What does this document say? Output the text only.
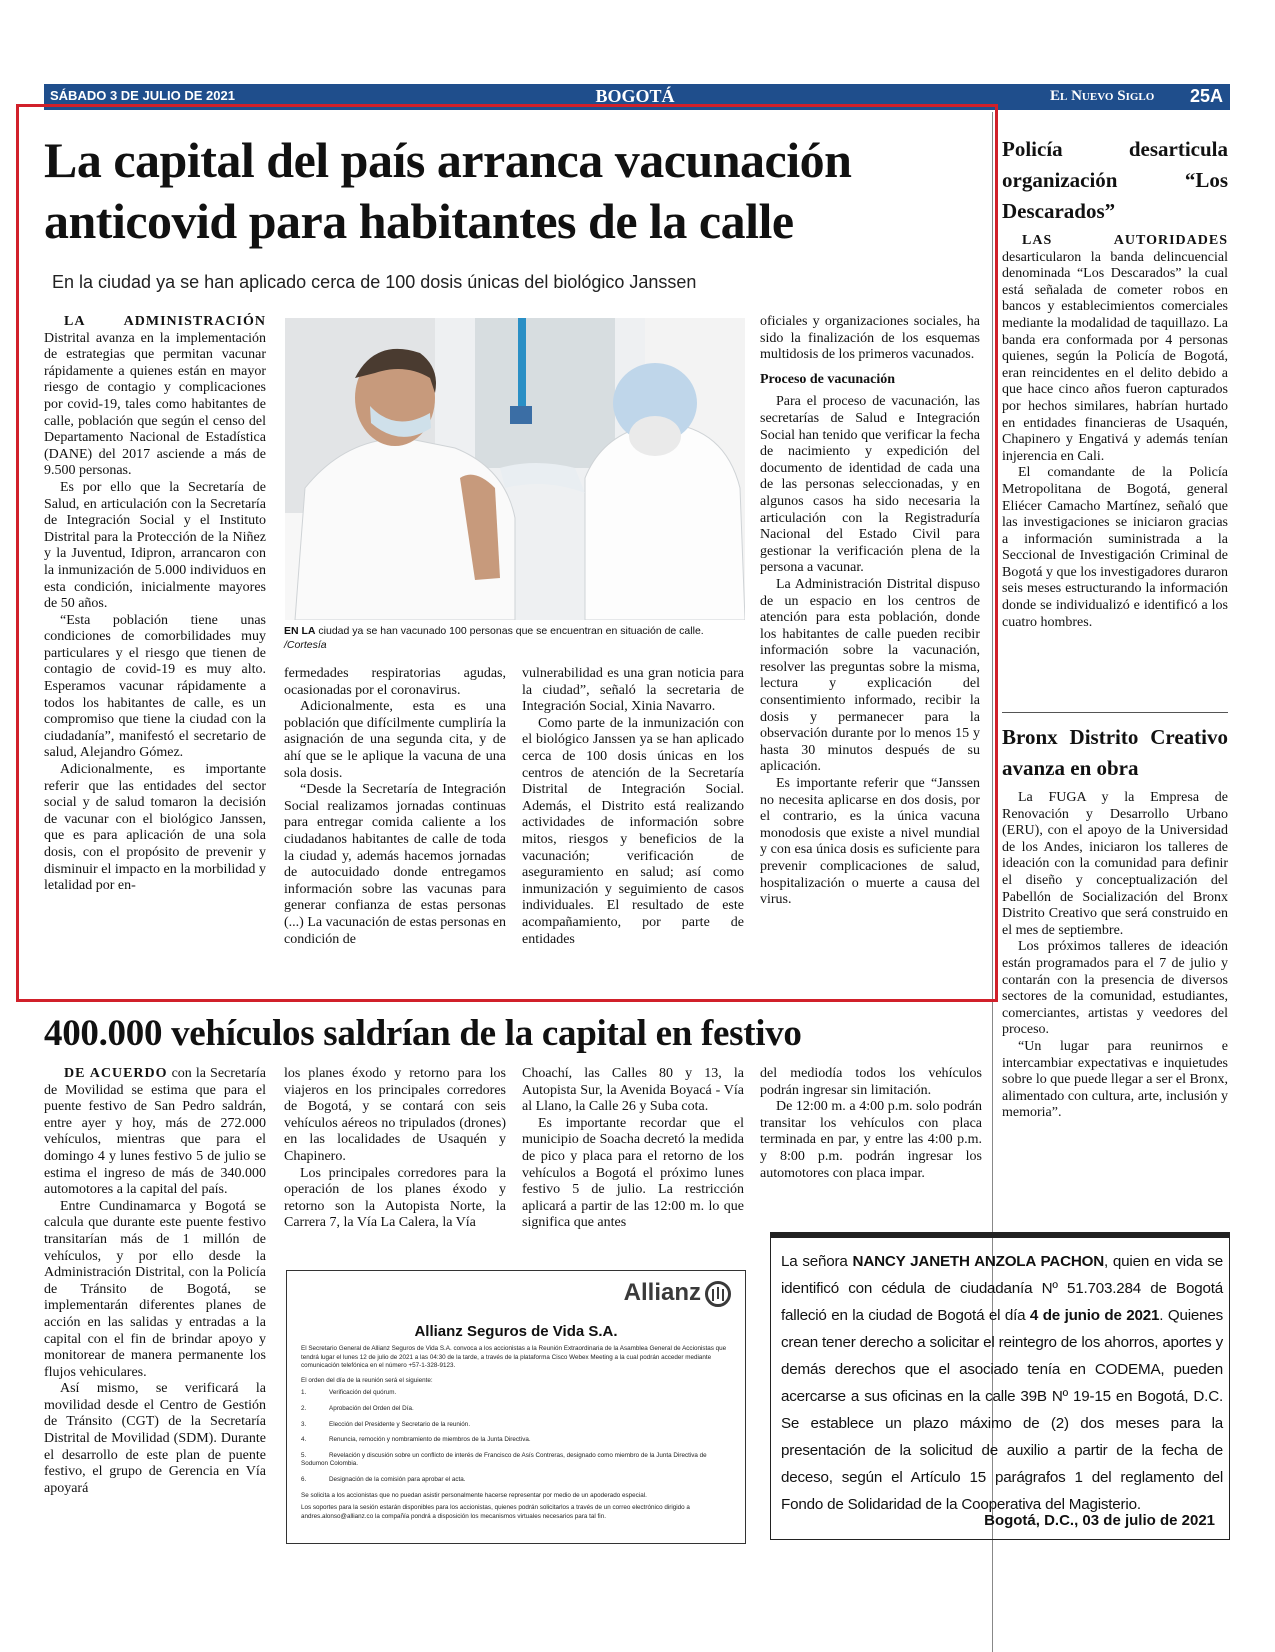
SÁBADO 3 DE JULIO DE 2021	BOGOTÁ	El Nuevo Siglo 25A
La capital del país arranca vacunación
anticovid para habitantes de la calle
En la ciudad ya se han aplicado cerca de 100 dosis únicas del biológico Janssen

LA ADMINISTRACIÓN Distrital avanza en la implementación de estrategias que permitan vacunar rápidamente a quienes están en mayor riesgo de contagio y complicaciones por covid-19, tales como habitantes de calle, población que según el censo del Departamento Nacional de Estadística (DANE) del 2017 asciende a más de 9.500 personas.

Es por ello que la Secretaría de Salud, en articulación con la Secretaría de Integración Social y el Instituto Distrital para la Protección de la Niñez y la Juventud, Idipron, arrancaron con la inmunización de 5.000 individuos en esta condición, inicialmente mayores de 50 años.

“Esta población tiene unas condiciones de comorbilidades muy particulares y el riesgo que tienen de contagio de covid-19 es muy alto. Esperamos vacunar rápidamente a todos los habitantes de calle, es un compromiso que tiene la ciudad con la ciudadanía”, manifestó el secretario de salud, Alejandro Gómez.

Adicionalmente, es importante referir que las entidades del sector social y de salud tomaron la decisión de vacunar con el biológico Janssen, que es para aplicación de una sola dosis, con el propósito de prevenir y disminuir el impacto en la morbilidad y letalidad por en-

EN LA ciudad ya se han vacunado 100 personas que se encuentran en situación de calle. /Cortesía

fermedades respiratorias agudas, ocasionadas por el coronavirus.

Adicionalmente, esta es una población que difícilmente cumpliría la asignación de una segunda cita, y de ahí que se le aplique la vacuna de una sola dosis.

“Desde la Secretaría de Integración Social realizamos jornadas continuas para entregar comida caliente a los ciudadanos habitantes de calle de toda la ciudad y, además hacemos jornadas de autocuidado donde entregamos información sobre las vacunas para generar confianza de estas personas (...) La vacunación de estas personas en condición de

vulnerabilidad es una gran noticia para la ciudad”, señaló la secretaria de Integración Social, Xinia Navarro.

Como parte de la inmunización con el biológico Janssen ya se han aplicado cerca de 100 dosis únicas en los centros de atención de la Secretaría Distrital de Integración Social. Además, el Distrito está realizando actividades de información sobre mitos, riesgos y beneficios de la vacunación; verificación de aseguramiento en salud; así como inmunización y seguimiento de casos individuales. El resultado de este acompañamiento, por parte de entidades

oficiales y organizaciones sociales, ha sido la finalización de los esquemas multidosis de los primeros vacunados.

Proceso de vacunación

Para el proceso de vacunación, las secretarías de Salud e Integración Social han tenido que verificar la fecha de nacimiento y expedición del documento de identidad de cada una de las personas seleccionadas, y en algunos casos ha sido necesaria la articulación con la Registraduría Nacional del Estado Civil para gestionar la verificación plena de la persona a vacunar.

La Administración Distrital dispuso de un espacio en los centros de atención para esta población, donde los habitantes de calle pueden recibir información sobre la vacunación, resolver las preguntas sobre la misma, lectura y explicación del consentimiento informado, recibir la dosis y permanecer para la observación durante por lo menos 15 y hasta 30 minutos después de su aplicación.

Es importante referir que “Janssen no necesita aplicarse en dos dosis, por el contrario, es la única vacuna monodosis que existe a nivel mundial y con esa única dosis es suficiente para prevenir complicaciones de salud, hospitalización o muerte a causa del virus.

Policía desarticula organización “Los Descarados”

LAS AUTORIDADES desarticularon la banda delincuencial denominada “Los Descarados” la cual está señalada de cometer robos en bancos y establecimientos comerciales mediante la modalidad de taquillazo. La banda era conformada por 4 personas quienes, según la Policía de Bogotá, eran reincidentes en el delito debido a que hace cinco años fueron capturados por hechos similares, habrían hurtado en entidades financieras de Usaquén, Chapinero y Engativá y además tenían injerencia en Cali.

El comandante de la Policía Metropolitana de Bogotá, general Eliécer Camacho Martínez, señaló que las investigaciones se iniciaron gracias a información suministrada a la Seccional de Investigación Criminal de Bogotá y que los investigadores duraron seis meses estructurando la información donde se individualizó e identificó a los cuatro hombres.

Bronx Distrito Creativo avanza en obra

La FUGA y la Empresa de Renovación y Desarrollo Urbano (ERU), con el apoyo de la Universidad de los Andes, iniciaron los talleres de ideación con la comunidad para definir el diseño y conceptualización del Pabellón de Socialización del Bronx Distrito Creativo que será construido en el mes de septiembre.

Los próximos talleres de ideación están programados para el 7 de julio y contarán con la presencia de diversos sectores de la comunidad, estudiantes, comerciantes, artistas y veedores del proceso.

“Un lugar para reunirnos e intercambiar expectativas e inquietudes sobre lo que puede llegar a ser el Bronx, alimentado con cultura, arte, inclusión y memoria”.

400.000 vehículos saldrían de la capital en festivo

DE ACUERDO con la Secretaría de Movilidad se estima que para el puente festivo de San Pedro saldrán, entre ayer y hoy, más de 272.000 vehículos, mientras que para el domingo 4 y lunes festivo 5 de julio se estima el ingreso de más de 340.000 automotores a la capital del país.

Entre Cundinamarca y Bogotá se calcula que durante este puente festivo transitarían más de 1 millón de vehículos, y por ello desde la Administración Distrital, con la Policía de Tránsito de Bogotá, se implementarán diferentes planes de acción en las salidas y entradas a la capital con el fin de brindar apoyo y monitorear de manera permanente los flujos vehiculares.

Así mismo, se verificará la movilidad desde el Centro de Gestión de Tránsito (CGT) de la Secretaría Distrital de Movilidad (SDM). Durante el desarrollo de este plan de puente festivo, el grupo de Gerencia en Vía apoyará

los planes éxodo y retorno para los viajeros en los principales corredores de Bogotá, y se contará con seis vehículos aéreos no tripulados (drones) en las localidades de Usaquén y Chapinero.

Los principales corredores para la operación de los planes éxodo y retorno son la Autopista Norte, la Carrera 7, la Vía La Calera, la Vía

Choachí, las Calles 80 y 13, la Autopista Sur, la Avenida Boyacá - Vía al Llano, la Calle 26 y Suba cota.

Es importante recordar que el municipio de Soacha decretó la medida de pico y placa para el retorno de los vehículos a Bogotá el próximo lunes festivo 5 de julio. La restricción aplicará a partir de las 12:00 m. lo que significa que antes

del mediodía todos los vehículos podrán ingresar sin limitación.

De 12:00 m. a 4:00 p.m. solo podrán transitar los vehículos con placa terminada en par, y entre las 4:00 p.m. y 8:00 p.m. podrán ingresar los automotores con placa impar.

Allianz
Allianz Seguros de Vida S.A.
El Secretario General de Allianz Seguros de Vida S.A. convoca a los accionistas a la Reunión Extraordinaria de la Asamblea General de Accionistas que tendrá lugar el lunes 12 de julio de 2021 a las 04:30 de la tarde, a través de la plataforma Cisco Webex Meeting a la cual podrán acceder mediante comunicación telefónica en el número +57-1-328-9123.
El orden del día de la reunión será el siguiente:
1.	Verificación del quórum.
2.	Aprobación del Orden del Día.
3.	Elección del Presidente y Secretario de la reunión.
4.	Renuncia, remoción y nombramiento de miembros de la Junta Directiva.
5.	Revelación y discusión sobre un conflicto de interés de Francisco de Asís Contreras, designado como miembro de la Junta Directiva de Sodumon Colombia.
6.	Designación de la comisión para aprobar el acta.
Se solicita a los accionistas que no puedan asistir personalmente hacerse representar por medio de un apoderado especial.
Los soportes para la sesión estarán disponibles para los accionistas, quienes podrán solicitarlos a través de un correo electrónico dirigido a andres.alonso@allianz.co la compañía pondrá a disposición los mecanismos virtuales necesarios para tal fin.
La señora NANCY JANETH ANZOLA PACHON, quien en vida se identificó con cédula de ciudadanía Nº 51.703.284 de Bogotá falleció en la ciudad de Bogotá el día 4 de junio de 2021. Quienes crean tener derecho a solicitar el reintegro de los ahorros, aportes y demás derechos que el asociado tenía en CODEMA, pueden acercarse a sus oficinas en la calle 39B Nº 19-15 en Bogotá, D.C. Se establece un plazo máximo de (2) dos meses para la presentación de la solicitud de auxilio a partir de la fecha de deceso, según el Artículo 15 parágrafos 1 del reglamento del Fondo de Solidaridad de la Cooperativa del Magisterio.
Bogotá, D.C., 03 de julio de 2021
